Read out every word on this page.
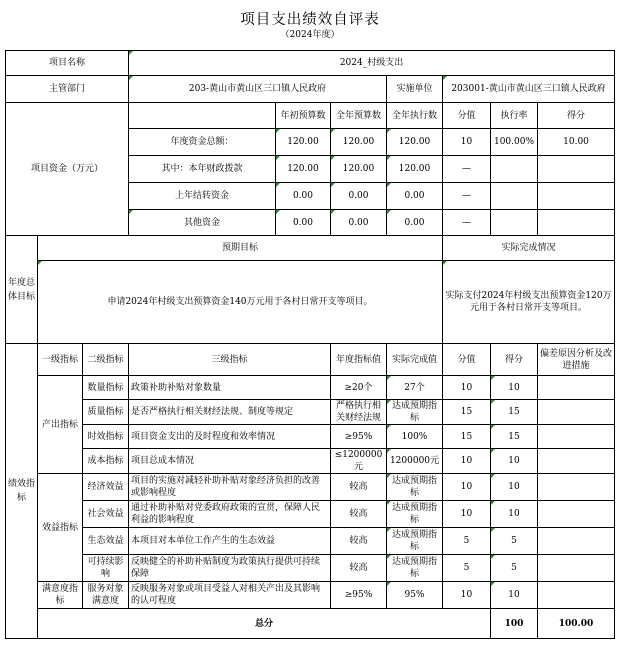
项目支出绩效自评表
（2024年度）
项目名称			2024_村级支出							
主管部门			203-黄山市黄山区三口镇人民政府			实施单位	203001-黄山市黄山区三口镇人民政府			
项目资金（万元）				年初预算数	全年预算数	全年执行数	分值	执行率	得分	
			年度资金总额：	120.00	120.00	120.00	10	100.00%	10.00	
			其中：本年财政拨款	120.00	120.00	120.00	—			
			上年结转资金	0.00	0.00	0.00	—			
			其他资金	0.00	0.00	0.00	—			
年度总体目标	预期目标						实际完成情况			
	申请2024年村级支出预算资金140万元用于各村日常开支等项目。						实际支付2024年村级支出预算资金120万元用于各村日常开支等项目。			
绩效指标	一级指标	二级指标	三级指标		年度指标值	实际完成值	分值	得分	偏差原因分析及改进措施	
	产出指标	数量指标	政策补助补贴对象数量		≥20个	27个	10	10		
		质量指标	是否严格执行相关财经法规、制度等规定		严格执行相关财经法规	达成预期指标	15	15		
		时效指标	项目资金支出的及时程度和效率情况		≥95%	100%	15	15		
		成本指标	项目总成本情况		≤1200000元	1200000元	10	10		
	效益指标	经济效益	项目的实施对减轻补助补贴对象经济负担的改善或影响程度		较高	达成预期指标	10	10		
		社会效益	通过补助补贴对党委政府政策的宣贯，保障人民利益的影响程度		较高	达成预期指标	10	10		
		生态效益	本项目对本单位工作产生的生态效益		较高	达成预期指标	5	5		
		可持续影响	反映健全的补助补贴制度为政策执行提供可持续保障		较高	达成预期指标	5	5		
	满意度指标	服务对象满意度	反映服务对象或项目受益人对相关产出及其影响的认可程度		≥95%	95%	10	10		
	总分							100	100.00	
